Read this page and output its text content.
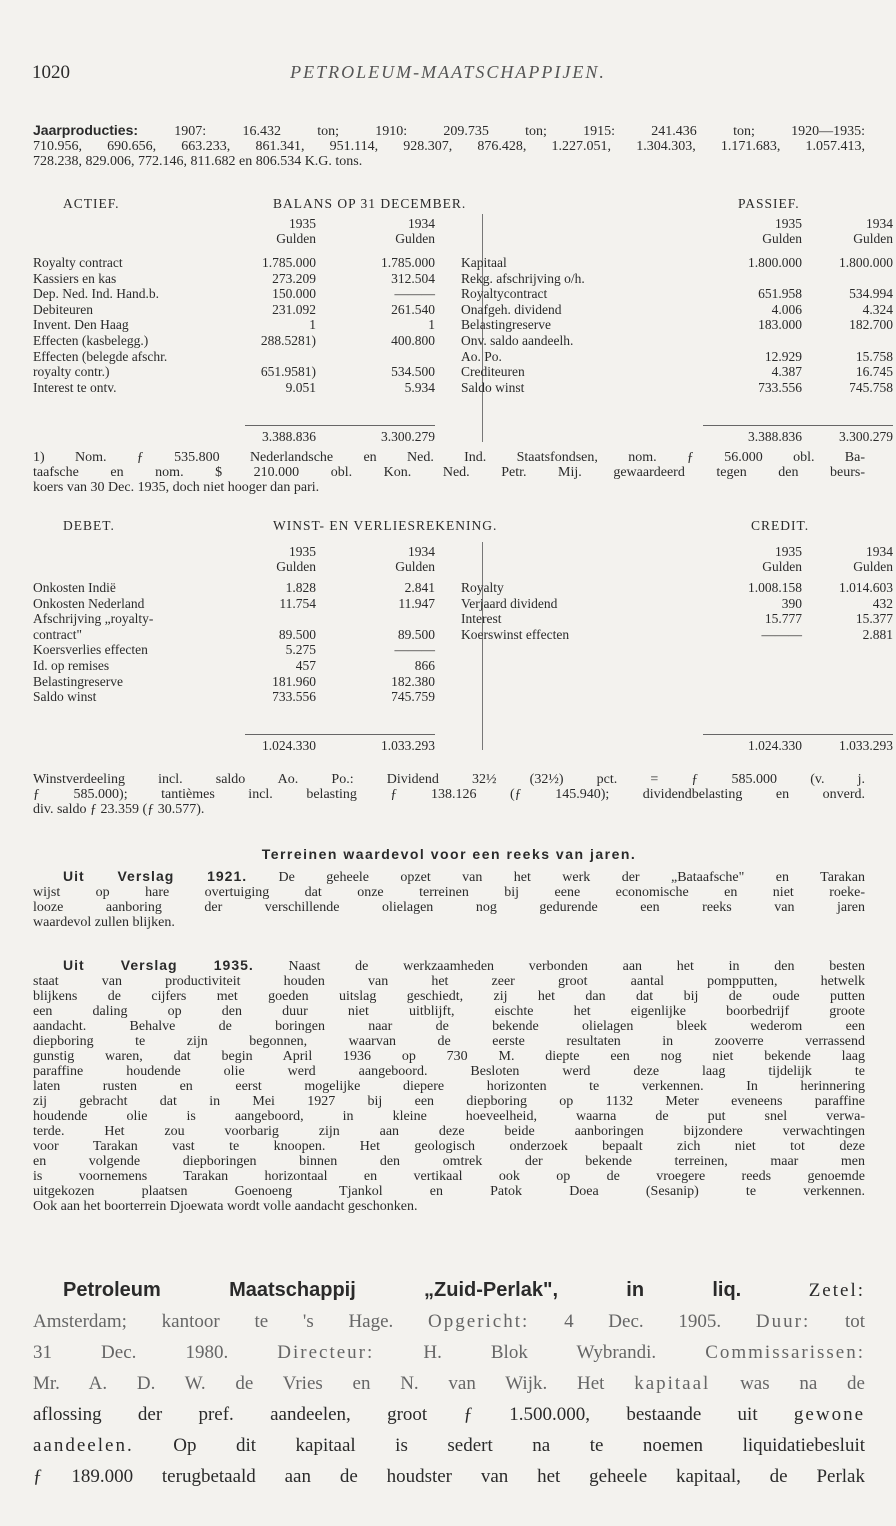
1020	PETROLEUM-MAATSCHAPPIJEN.
Jaarproducties: 1907: 16.432 ton; 1910: 209.735 ton; 1915: 241.436 ton; 1920—1935:
710.956, 690.656, 663.233, 861.341, 951.114, 928.307, 876.428, 1.227.051, 1.304.303, 1.171.683, 1.057.413,
728.238, 829.006, 772.146, 811.682 en 806.534 K.G. tons.
ACTIEF.	BALANS OP 31 DECEMBER.	PASSIEF.
1935
Gulden
1934
Gulden
1935
Gulden
1934
Gulden
Royalty contract	1.785.000	1.785.000
Kassiers en kas	273.209	312.504
Dep. Ned. Ind. Hand.b.	150.000	———
Debiteuren	231.092	261.540
Invent. Den Haag	1	1
Effecten (kasbelegg.)	288.5281)	400.800
Effecten (belegde afschr.
royalty contr.)	651.9581)	534.500
Interest te ontv.	9.051	5.934
3.388.836	3.300.279
Kapitaal	1.800.000	1.800.000
Rekg. afschrijving o/h.
Royaltycontract	651.958	534.994
Onafgeh. dividend	4.006	4.324
Belastingreserve	183.000	182.700
Onv. saldo aandeelh.
Ao. Po.	12.929	15.758
Crediteuren	4.387	16.745
Saldo winst	733.556	745.758
3.388.836	3.300.279
1) Nom. ƒ 535.800 Nederlandsche en Ned. Ind. Staatsfondsen, nom. ƒ 56.000 obl. Ba-
taafsche en nom. $ 210.000 obl. Kon. Ned. Petr. Mij. gewaardeerd tegen den beurs-
koers van 30 Dec. 1935, doch niet hooger dan pari.
DEBET.	WINST- EN VERLIESREKENING.	CREDIT.
1935
Gulden
1934
Gulden
1935
Gulden
1934
Gulden
Onkosten Indië	1.828	2.841
Onkosten Nederland	11.754	11.947
Afschrijving „royalty-
contract"	89.500	89.500
Koersverlies effecten	5.275	———
Id. op remises	457	866
Belastingreserve	181.960	182.380
Saldo winst	733.556	745.759
1.024.330	1.033.293
Royalty	1.008.158	1.014.603
Verjaard dividend	390	432
Interest	15.777	15.377
Koerswinst effecten	———	2.881
1.024.330	1.033.293
Winstverdeeling incl. saldo Ao. Po.: Dividend 32½ (32½) pct. = ƒ 585.000 (v. j.
ƒ 585.000); tantièmes incl. belasting ƒ 138.126 (ƒ 145.940); dividendbelasting en onverd.
div. saldo ƒ 23.359 (ƒ 30.577).
Terreinen waardevol voor een reeks van jaren.
Uit Verslag 1921. De geheele opzet van het werk der „Bataafsche" en Tarakan
wijst op hare overtuiging dat onze terreinen bij eene economische en niet roeke-
looze aanboring der verschillende olielagen nog gedurende een reeks van jaren
waardevol zullen blijken.
Uit Verslag 1935. Naast de werkzaamheden verbonden aan het in den besten
staat van productiviteit houden van het zeer groot aantal pompputten, hetwelk
blijkens de cijfers met goeden uitslag geschiedt, zij het dan dat bij de oude putten
een daling op den duur niet uitblijft, eischte het eigenlijke boorbedrijf groote
aandacht. Behalve de boringen naar de bekende olielagen bleek wederom een
diepboring te zijn begonnen, waarvan de eerste resultaten in zooverre verrassend
gunstig waren, dat begin April 1936 op 730 M. diepte een nog niet bekende laag
paraffine houdende olie werd aangeboord. Besloten werd deze laag tijdelijk te
laten rusten en eerst mogelijke diepere horizonten te verkennen. In herinnering
zij gebracht dat in Mei 1927 bij een diepboring op 1132 Meter eveneens paraffine
houdende olie is aangeboord, in kleine hoeveelheid, waarna de put snel verwa-
terde. Het zou voorbarig zijn aan deze beide aanboringen bijzondere verwachtingen
voor Tarakan vast te knoopen. Het geologisch onderzoek bepaalt zich niet tot deze
en volgende diepboringen binnen den omtrek der bekende terreinen, maar men
is voornemens Tarakan horizontaal en vertikaal ook op de vroegere reeds genoemde
uitgekozen plaatsen Goenoeng Tjankol en Patok Doea (Sesanip) te verkennen.
Ook aan het boorterrein Djoewata wordt volle aandacht geschonken.
Petroleum Maatschappij „Zuid-Perlak", in liq.	Zetel:
Amsterdam; kantoor te 's Hage. Opgericht: 4 Dec. 1905. Duur: tot
31 Dec. 1980.	Directeur:	H. Blok Wybrandi.	Commissarissen:
Mr. A. D. W. de Vries en N. van Wijk. Het kapitaal was na de
aflossing der pref. aandeelen, groot ƒ 1.500.000, bestaande uit gewone
aandeelen. Op dit kapitaal is sedert na te noemen liquidatiebesluit
ƒ 189.000 terugbetaald aan de houdster van het geheele kapitaal, de Perlak
